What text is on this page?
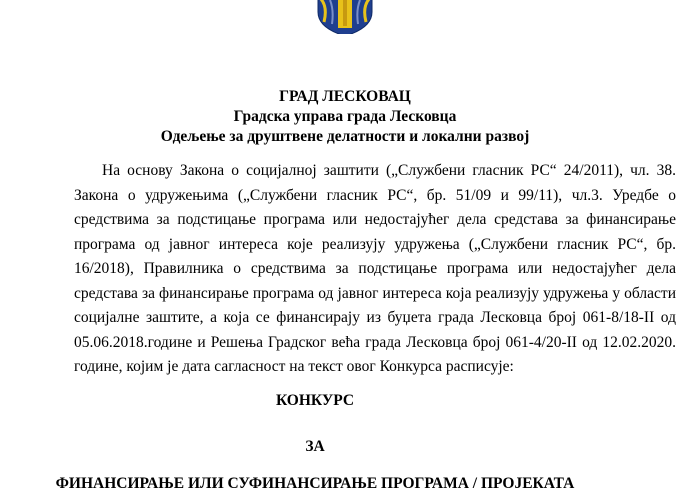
ГРАД ЛЕСКОВАЦ
Градска управа града Лесковца
Одељење за друштвене делатности и локални развој

На основу Закона о социјалној заштити („Службени гласник РС“ 24/2011), чл. 38. Закона о удружењима („Службени гласник РС“, бр. 51/09 и 99/11), чл.3. Уредбе о средствима за подстицање програма или недостајућег дела средстава за финансирање програма од јавног интереса које реализују удружења („Службени гласник РС“, бр. 16/2018), Правилника о средствима за подстицање програма или недостајућег дела средстава за финансирање програма од јавног интереса која реализују удружења у области социјалне заштите, а која се финансирају из буџета града Лесковца број 061-8/18-II од 05.06.2018.године и Решења Градског већа града Лесковца број 061-4/20-II од 12.02.2020. године, којим је дата сагласност на текст овог Конкурса расписује:

КОНКУРС
ЗА
ФИНАНСИРАЊЕ ИЛИ СУФИНАНСИРАЊЕ ПРОГРАМА / ПРОЈЕКАТА
